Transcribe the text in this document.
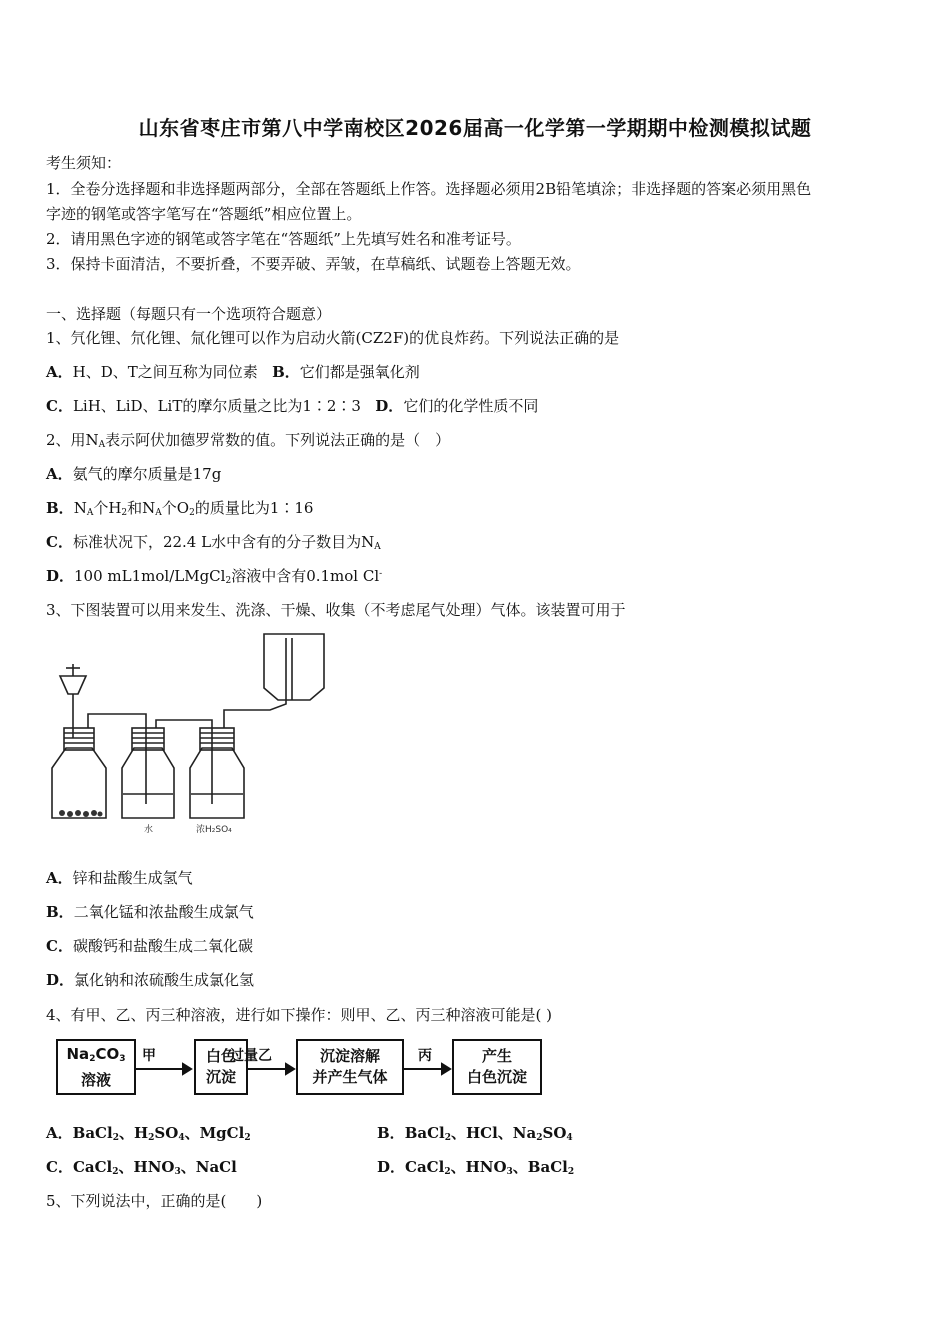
山东省枣庄市第八中学南校区2026届高一化学第一学期期中检测模拟试题
考生须知：
1．全卷分选择题和非选择题两部分，全部在答题纸上作答。选择题必须用2B铅笔填涂；非选择题的答案必须用黑色
字迹的钢笔或答字笔写在“答题纸”相应位置上。
2．请用黑色字迹的钢笔或答字笔在“答题纸”上先填写姓名和准考证号。
3．保持卡面清洁，不要折叠，不要弄破、弄皱，在草稿纸、试题卷上答题无效。
一、选择题（每题只有一个选项符合题意）
1、氕化锂、氘化锂、氚化锂可以作为启动火箭(CZ2F)的优良炸药。下列说法正确的是
A．H、D、T之间互称为同位素 B．它们都是强氧化剂
C．LiH、LiD、LiT的摩尔质量之比为1∶2∶3 D．它们的化学性质不同
2、用$N_A$表示阿伏加德罗常数的值。下列说法正确的是（　）
A．氨气的摩尔质量是17g
B．$N_A$个$H_2$和$N_A$个$O_2$的质量比为1∶16
C．标准状况下，22.4 L水中含有的分子数目为$N_A$
D．100 mL1mol/LMgCl$_2$溶液中含有0.1mol Cl-
3、下图装置可以用来发生、洗涤、干燥、收集（不考虑尾气处理）气体。该装置可用于
水	浓H₂SO₄
A．锌和盐酸生成氢气
B．二氧化锰和浓盐酸生成氯气
C．碳酸钙和盐酸生成二氧化碳
D．氯化钠和浓硫酸生成氯化氢
4、有甲、乙、丙三种溶液，进行如下操作：则甲、乙、丙三种溶液可能是( )
$Na_2CO_3$
溶液
甲	白色
沉淀
过量乙	沉淀溶解
并产生气体
丙	产生
白色沉淀
A．BaCl$_2$、$H_2SO_4$、MgCl$_2$	B．BaCl$_2$、HCl、$Na_2SO_4$
C．CaCl$_2$、$HNO_3$、NaCl	D．CaCl$_2$、$HNO_3$、BaCl$_2$
5、下列说法中，正确的是(　　)
